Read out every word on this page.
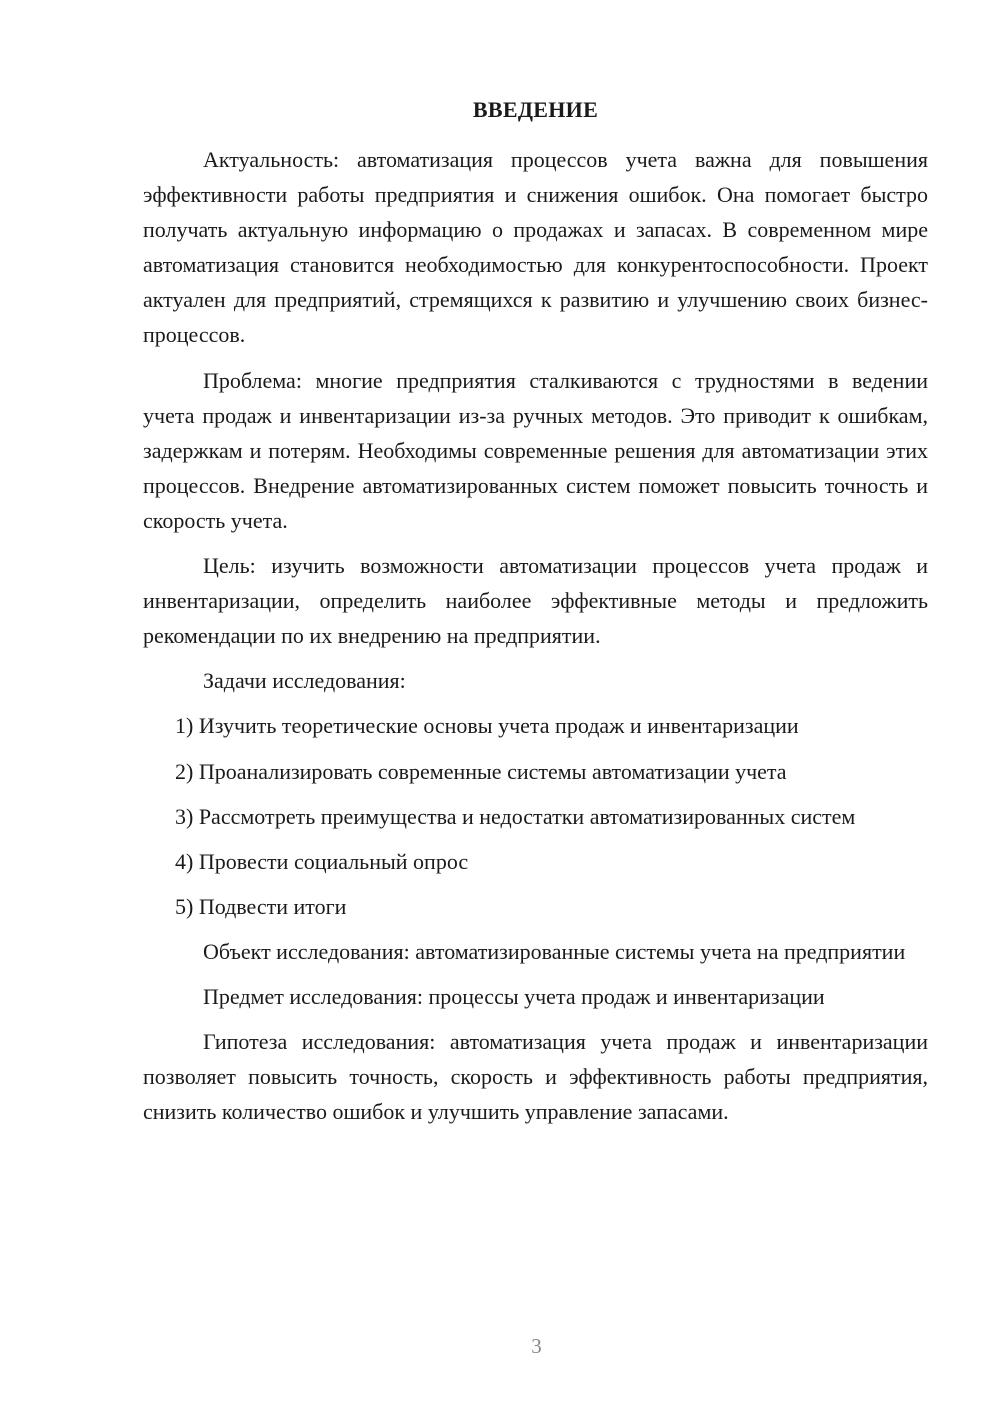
ВВЕДЕНИЕ

Актуальность: автоматизация процессов учета важна для повышения эффективности работы предприятия и снижения ошибок. Она помогает быстро получать актуальную информацию о продажах и запасах. В современном мире автоматизация становится необходимостью для конкурентоспособности. Проект актуален для предприятий, стремящихся к развитию и улучшению своих бизнес-процессов.

Проблема: многие предприятия сталкиваются с трудностями в ведении учета продаж и инвентаризации из-за ручных методов. Это приводит к ошибкам, задержкам и потерям. Необходимы современные решения для автоматизации этих процессов. Внедрение автоматизированных систем поможет повысить точность и скорость учета.

Цель: изучить возможности автоматизации процессов учета продаж и инвентаризации, определить наиболее эффективные методы и предложить рекомендации по их внедрению на предприятии.

Задачи исследования:

1) Изучить теоретические основы учета продаж и инвентаризации

2) Проанализировать современные системы автоматизации учета

3) Рассмотреть преимущества и недостатки автоматизированных систем

4) Провести социальный опрос

5) Подвести итоги

Объект исследования: автоматизированные системы учета на предприятии

Предмет исследования: процессы учета продаж и инвентаризации

Гипотеза исследования: автоматизация учета продаж и инвентаризации позволяет повысить точность, скорость и эффективность работы предприятия, снизить количество ошибок и улучшить управление запасами.

3
